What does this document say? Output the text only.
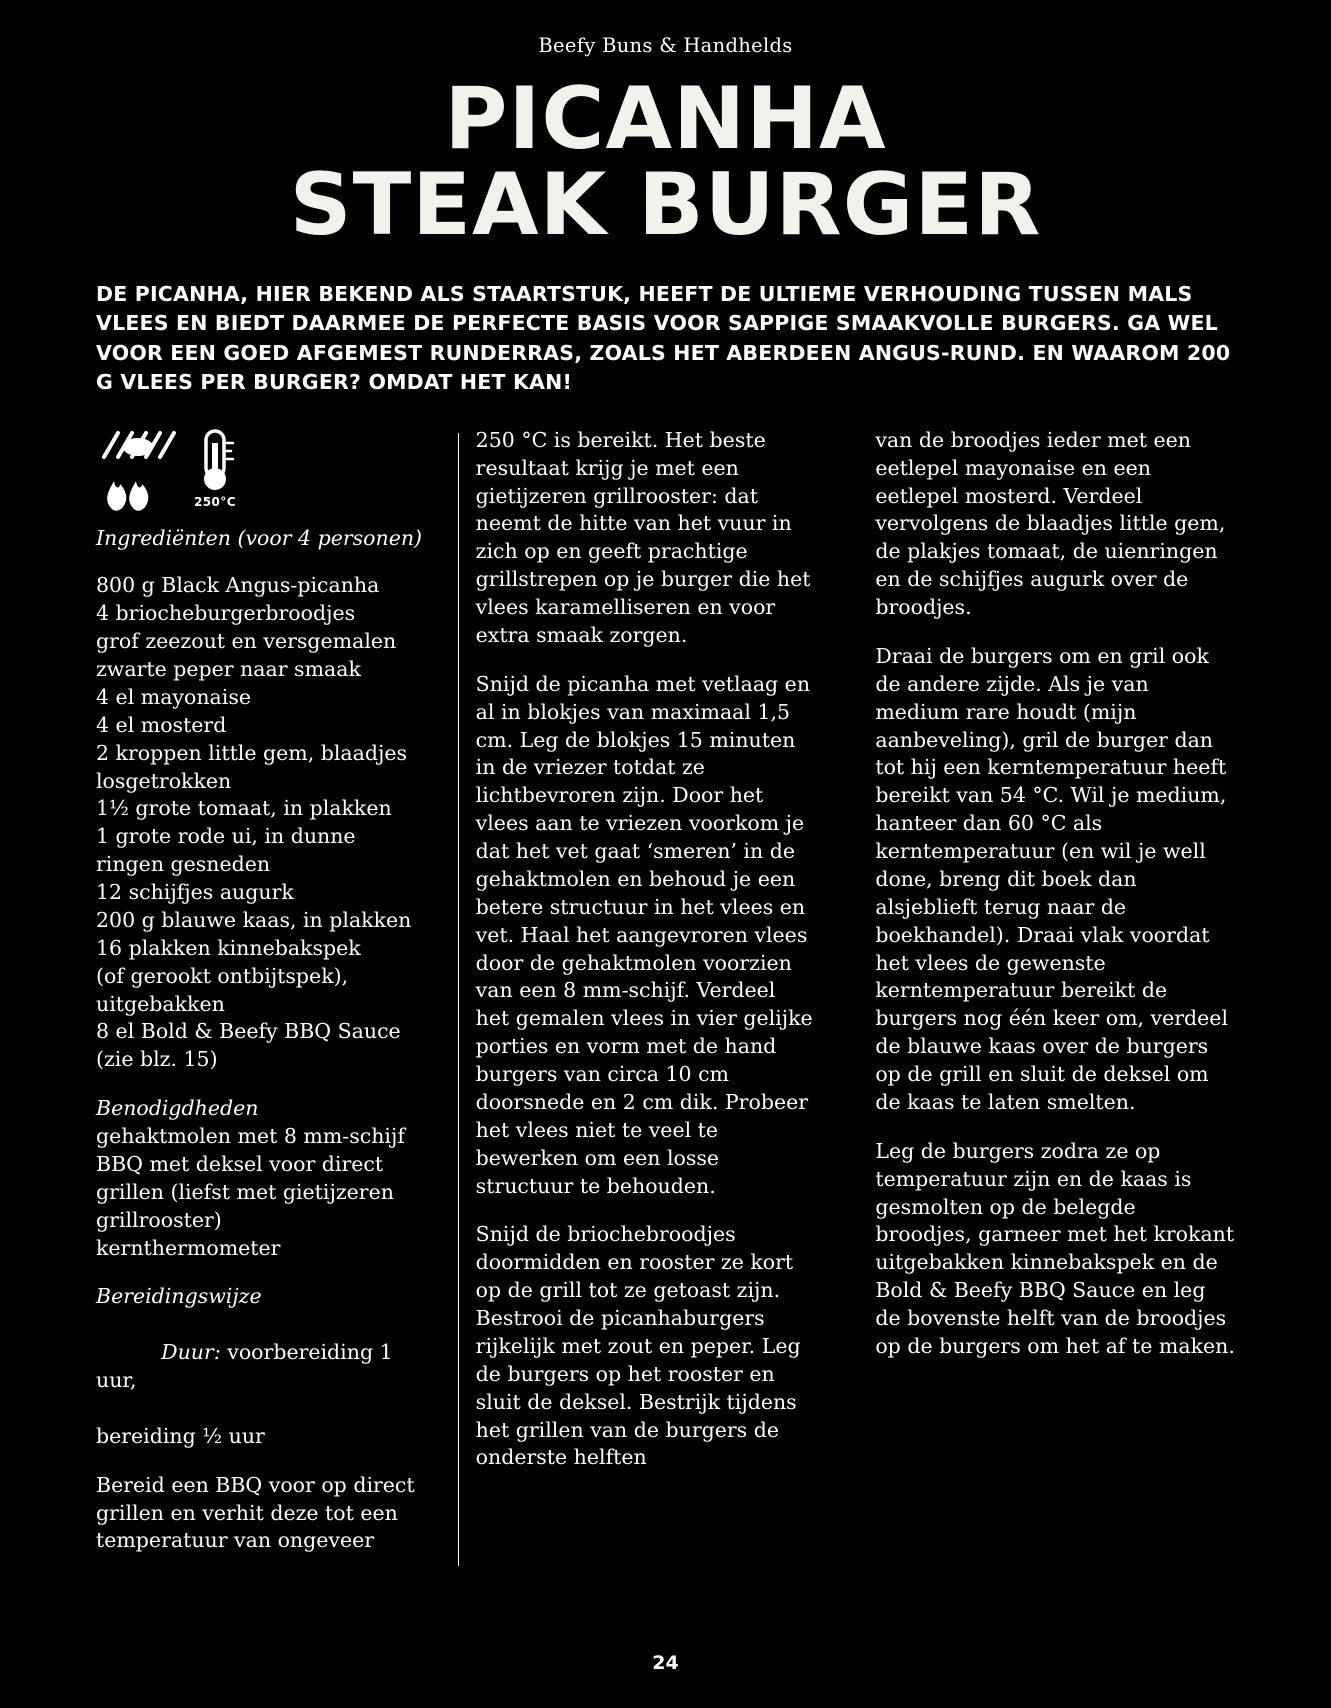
Beefy Buns & Handhelds
PICANHA
STEAK BURGER
DE PICANHA, HIER BEKEND ALS STAARTSTUK, HEEFT DE ULTIEME VERHOUDING TUSSEN MALS VLEES EN BIEDT DAARMEE DE PERFECTE BASIS VOOR SAPPIGE SMAAKVOLLE BURGERS. GA WEL VOOR EEN GOED AFGEMEST RUNDERRAS, ZOALS HET ABERDEEN ANGUS-RUND. EN WAAROM 200 G VLEES PER BURGER? OMDAT HET KAN!
250°C
Ingrediënten (voor 4 personen)
800 g Black Angus-picanha
4 briocheburgerbroodjes
grof zeezout en versgemalen
zwarte peper naar smaak
4 el mayonaise
4 el mosterd
2 kroppen little gem, blaadjes
losgetrokken
1½ grote tomaat, in plakken
1 grote rode ui, in dunne
ringen gesneden
12 schijfjes augurk
200 g blauwe kaas, in plakken
16 plakken kinnebakspek
(of gerookt ontbijtspek),
uitgebakken
8 el Bold & Beefy BBQ Sauce
(zie blz. 15)
Benodigdheden
gehaktmolen met 8 mm-schijf
BBQ met deksel voor direct
grillen (liefst met gietijzeren
grillrooster)
kernthermometer
Bereidingswijze

Duur: voorbereiding 1 uur,

bereiding ½ uur

Bereid een BBQ voor op direct grillen en verhit deze tot een temperatuur van ongeveer

250 °C is bereikt. Het beste resultaat krijg je met een gietijzeren grillrooster: dat neemt de hitte van het vuur in zich op en geeft prachtige grillstrepen op je burger die het vlees karamelliseren en voor extra smaak zorgen.

Snijd de picanha met vetlaag en al in blokjes van maximaal 1,5 cm. Leg de blokjes 15 minuten in de vriezer totdat ze lichtbevroren zijn. Door het vlees aan te vriezen voorkom je dat het vet gaat ‘smeren’ in de gehaktmolen en behoud je een betere structuur in het vlees en vet. Haal het aangevroren vlees door de gehaktmolen voorzien van een 8 mm-schijf. Verdeel het gemalen vlees in vier gelijke porties en vorm met de hand burgers van circa 10 cm doorsnede en 2 cm dik. Probeer het vlees niet te veel te bewerken om een losse structuur te behouden.

Snijd de briochebroodjes doormidden en rooster ze kort op de grill tot ze getoast zijn. Bestrooi de picanhaburgers rijkelijk met zout en peper. Leg de burgers op het rooster en sluit de deksel. Bestrijk tijdens het grillen van de burgers de onderste helften

van de broodjes ieder met een eetlepel mayonaise en een eetlepel mosterd. Verdeel vervolgens de blaadjes little gem, de plakjes tomaat, de uienringen en de schijfjes augurk over de broodjes.

Draai de burgers om en gril ook de andere zijde. Als je van medium rare houdt (mijn aanbeveling), gril de burger dan tot hij een kerntemperatuur heeft bereikt van 54 °C. Wil je medium, hanteer dan 60 °C als kerntemperatuur (en wil je well done, breng dit boek dan alsjeblieft terug naar de boekhandel). Draai vlak voordat het vlees de gewenste kerntemperatuur bereikt de burgers nog één keer om, verdeel de blauwe kaas over de burgers op de grill en sluit de deksel om de kaas te laten smelten.

Leg de burgers zodra ze op temperatuur zijn en de kaas is gesmolten op de belegde broodjes, garneer met het krokant uitgebakken kinnebakspek en de Bold & Beefy BBQ Sauce en leg de bovenste helft van de broodjes op de burgers om het af te maken.

24
